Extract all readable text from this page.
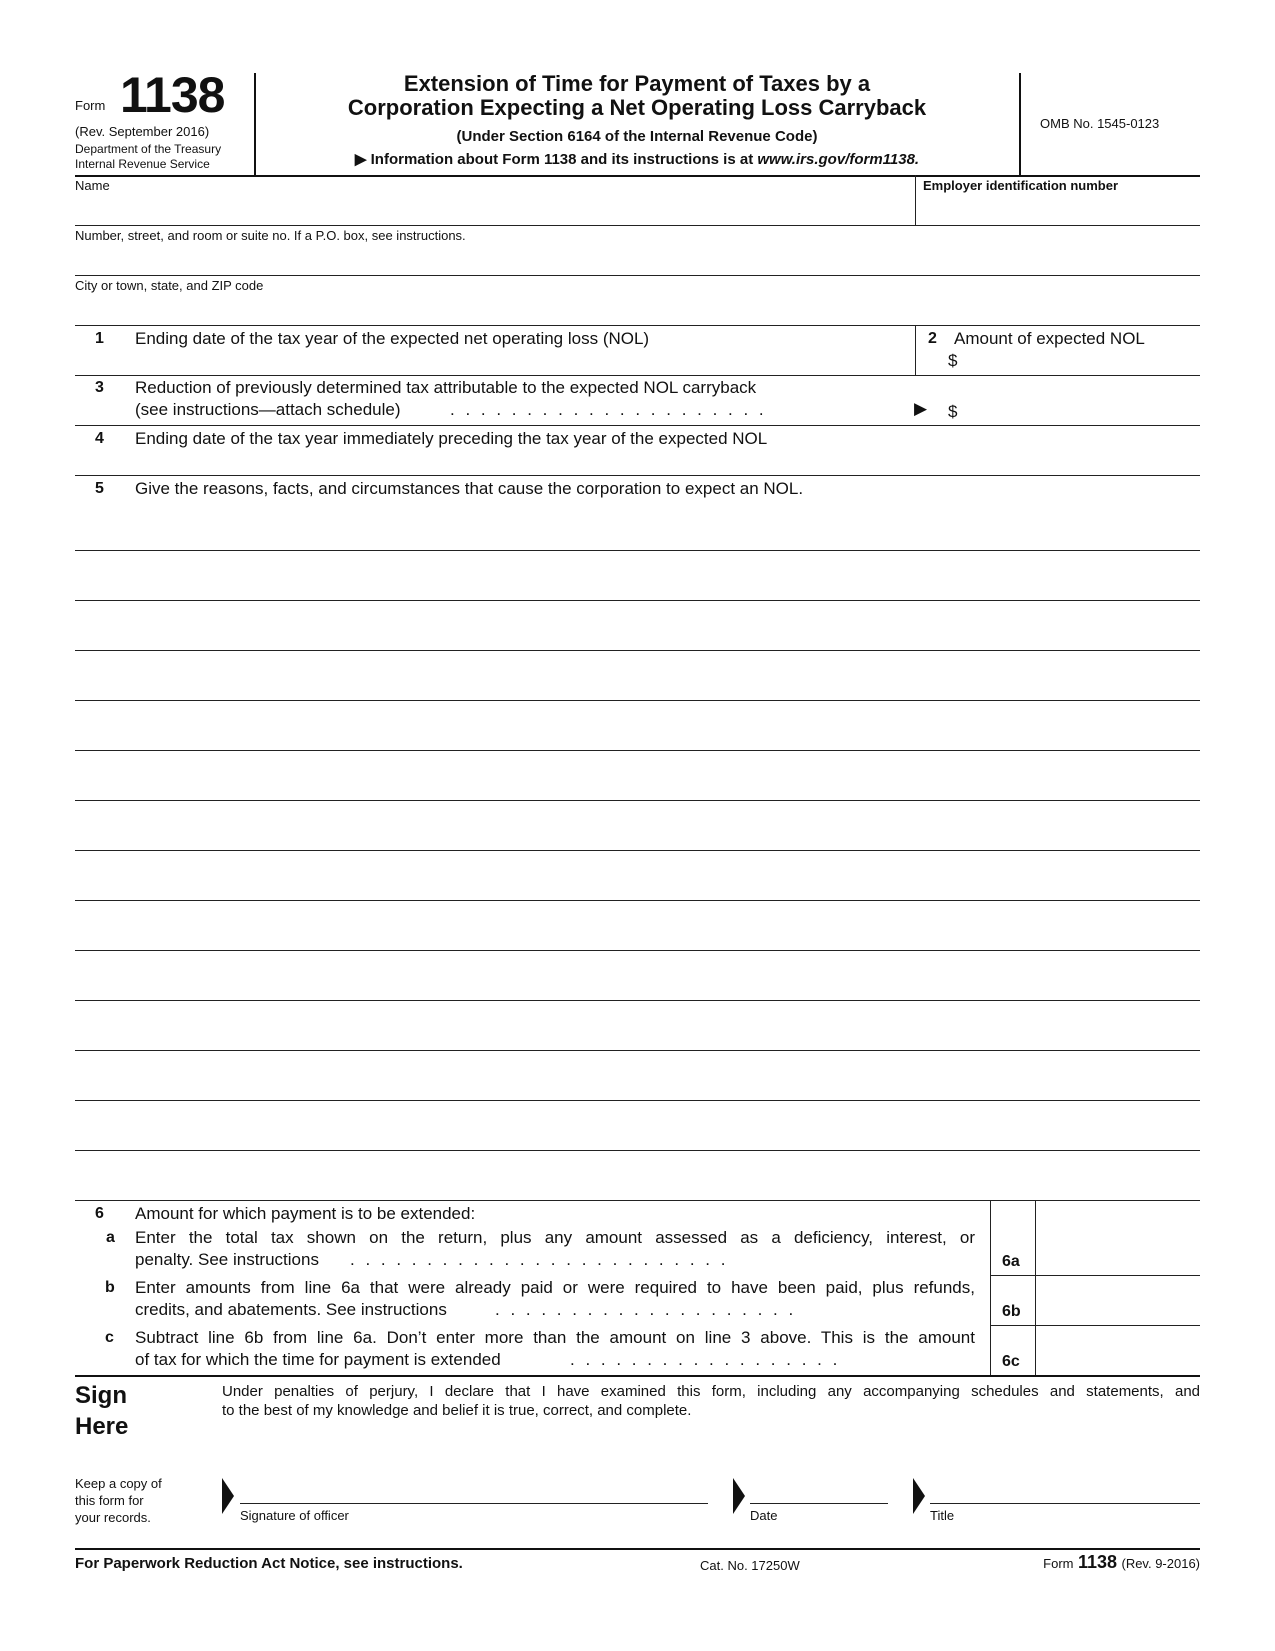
Form 1138
(Rev. September 2016)
Department of the Treasury
Internal Revenue Service
Extension of Time for Payment of Taxes by a
Corporation Expecting a Net Operating Loss Carryback
(Under Section 6164 of the Internal Revenue Code)
▶ Information about Form 1138 and its instructions is at www.irs.gov/form1138.
OMB No. 1545-0123
Name	Employer identification number
Number, street, and room or suite no. If a P.O. box, see instructions.
City or town, state, and ZIP code
1 Ending date of the tax year of the expected net operating loss (NOL)	2 Amount of expected NOL
$
3 Reduction of previously determined tax attributable to the expected NOL carryback
(see instructions—attach schedule)	. . . . . . . . . . . . . . . . . . . . .	▶ $
4 Ending date of the tax year immediately preceding the tax year of the expected NOL
5 Give the reasons, facts, and circumstances that cause the corporation to expect an NOL.
6 Amount for which payment is to be extended:
a Enter the total tax shown on the return, plus any amount assessed as a deficiency, interest, or
penalty. See instructions . . . . . . . . . . . . . . . . . . . . . . . . .	6a
b Enter amounts from line 6a that were already paid or were required to have been paid, plus refunds,
credits, and abatements. See instructions	. . . . . . . . . . . . . . . . . . . .	6b
c Subtract line 6b from line 6a. Don’t enter more than the amount on line 3 above. This is the amount
of tax for which the time for payment is extended	. . . . . . . . . . . . . . . . . .	6c
Sign
Here
Under penalties of perjury, I declare that I have examined this form, including any accompanying schedules and statements, and
to the best of my knowledge and belief it is true, correct, and complete.
Keep a copy of
this form for
your records.	Signature of officer	Date	Title
For Paperwork Reduction Act Notice, see instructions.	Cat. No. 17250W	Form 1138 (Rev. 9-2016)
